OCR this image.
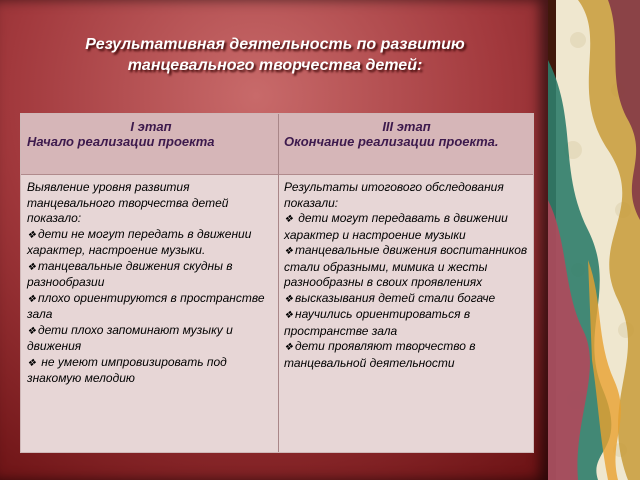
Результативная деятельность по развитию танцевального творчества детей:
I этап
Начало реализации проекта
III этап
Окончание реализации проекта.
Выявление уровня развития танцевального творчества детей показало:
❖ дети не могут передать в движении характер, настроение музыки.
❖ танцевальные движения скудны в разнообразии
❖ плохо ориентируются в пространстве зала
❖ дети плохо запоминают музыку и движения
❖ не умеют импровизировать под знакомую мелодию
Результаты итогового обследования показали:
❖ дети могут передавать в движении характер и настроение музыки
❖ танцевальные движения воспитанников стали образными, мимика и жесты разнообразны в своих проявлениях
❖ высказывания детей стали богаче
❖ научились ориентироваться в пространстве зала
❖ дети проявляют творчество в танцевальной деятельности
